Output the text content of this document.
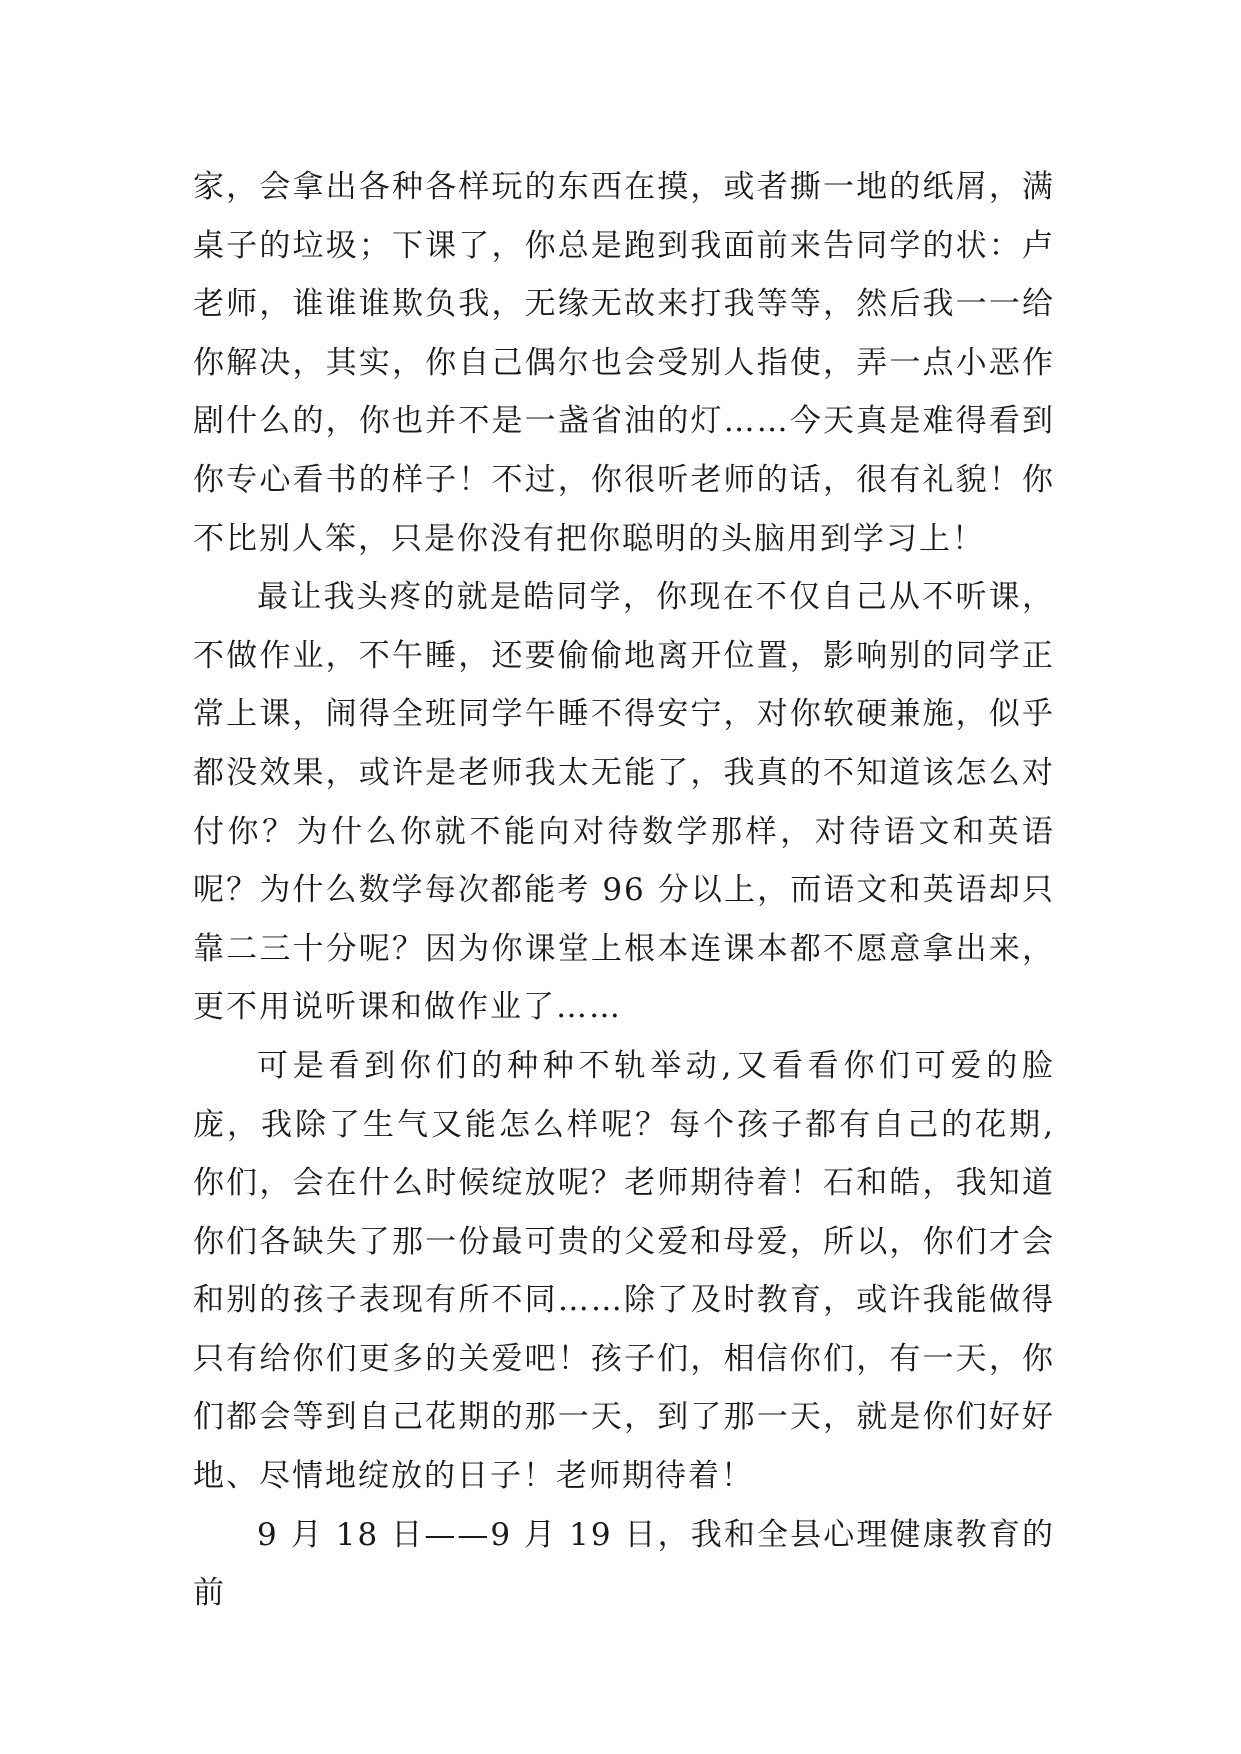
家，会拿出各种各样玩的东西在摸，或者撕一地的纸屑，满桌子的垃圾；下课了，你总是跑到我面前来告同学的状：卢老师，谁谁谁欺负我，无缘无故来打我等等，然后我一一给你解决，其实，你自己偶尔也会受别人指使，弄一点小恶作剧什么的，你也并不是一盏省油的灯……今天真是难得看到你专心看书的样子！不过，你很听老师的话，很有礼貌！你不比别人笨，只是你没有把你聪明的头脑用到学习上！

最让我头疼的就是皓同学，你现在不仅自己从不听课，不做作业，不午睡，还要偷偷地离开位置，影响别的同学正常上课，闹得全班同学午睡不得安宁，对你软硬兼施，似乎都没效果，或许是老师我太无能了，我真的不知道该怎么对付你？为什么你就不能向对待数学那样，对待语文和英语呢？为什么数学每次都能考 96 分以上，而语文和英语却只靠二三十分呢？因为你课堂上根本连课本都不愿意拿出来，更不用说听课和做作业了……

可是看到你们的种种不轨举动,又看看你们可爱的脸庞，我除了生气又能怎么样呢？每个孩子都有自己的花期,你们，会在什么时候绽放呢？老师期待着！石和皓，我知道你们各缺失了那一份最可贵的父爱和母爱，所以，你们才会和别的孩子表现有所不同……除了及时教育，或许我能做得只有给你们更多的关爱吧！孩子们，相信你们，有一天，你们都会等到自己花期的那一天，到了那一天，就是你们好好地、尽情地绽放的日子！老师期待着！

9 月 18 日——9 月 19 日，我和全县心理健康教育的前
